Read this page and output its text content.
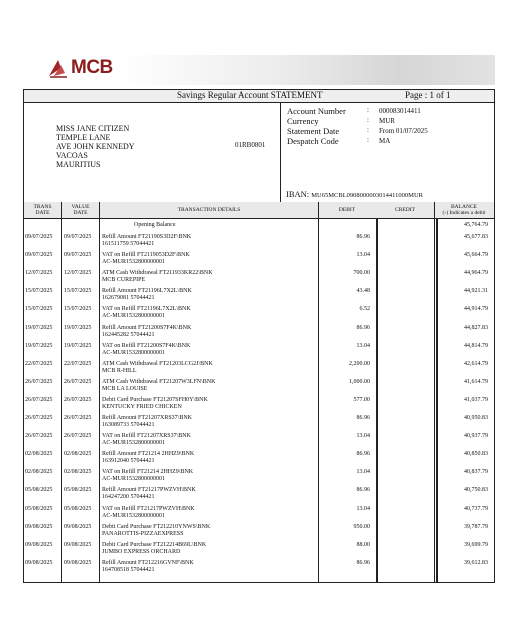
MCB
Savings Regular Account STATEMENT	Page : 1 of 1
MISS JANE CITIZEN
TEMPLE LANE
AVE JOHN KENNEDY
VACOAS
MAURITIUS
01RB0801
Account Number	:	000083014411
Currency	:	MUR
Statement Date	:	From 01/07/2025
Despatch Code	:	MA
IBAN: MU65MCBL0908000003014411000MUR
TRANS
DATE
VALUE
DATE	TRANSACTION DETAILS	DEBIT	CREDIT	BALANCE
(-) Indicates a debit
Opening Balance	45,764.79
09/07/2025	09/07/2025	Refill Amount FT21190S3D2F\BNK
161511759 57044421
86.96	45,677.83
09/07/2025	09/07/2025	VAT on Refill FT2119053D2F\BNK
AC-MUR1532800000001
13.04	45,664.79
12/07/2025	12/07/2025	ATM Cash Withdrawal FT211933KR22\BNK
MCB CUREPIPE
700.00	44,964.79
15/07/2025	15/07/2025	Refill Amount FT21196L7X2L\BNK
162679081 57044421
43.48	44,921.31
15/07/2025	15/07/2025	VAT on Refill FT21196L7X2L\BNK
AC-MUR1532800000001
6.52	44,914.79
19/07/2025	19/07/2025	Refill Amount FT21200S7F4K\BNK
162445282 57044421
86.96	44,827.83
19/07/2025	19/07/2025	VAT on Refill FT21200S7F4K\BNK
AC-MUR1532800000001
13.04	44,814.79
22/07/2025	22/07/2025	ATM Cash Withdrawal FT21203LCG2J\BNK
MCB R-HILL
2,200.00	42,614.79
26/07/2025	26/07/2025	ATM Cash Withdrawal FT21207W3LFN\BNK
MCB LA LOUISE
1,000.00	41,614.79
26/07/2025	26/07/2025	Debit Card Purchase FT21207SFH0Y\BNK
KENTUCKY FRIED CHICKEN
577.00	41,037.79
26/07/2025	26/07/2025	Refill Amount FT21207XRS37\BNK
163089733 57044421
86.96	40,950.83
26/07/2025	26/07/2025	VAT on Refill FT21207XRS37\BNK
AC-MUR1532800000001
13.04	40,937.79
02/08/2025	02/08/2025	Refill Amount FT21214 2HHZ9\BNK
163912040 57044421
86.96	40,850.83
02/08/2025	02/08/2025	VAT on Refill FT21214 2HHZ9\BNK
AC-MUR1532800000001
13.04	40,837.79
05/08/2025	05/08/2025	Refill Amount FT21217PWZVH\BNK
164247200 57044421
86.96	40,750.83
05/08/2025	05/08/2025	VAT on Refill FT21217PWZVH\BNK
AC-MUR1532800000001
13.04	40,737.79
09/08/2025	09/08/2025	Debit Card Purchase FT212210YNWS\BNK
PANAROTTIS-PIZZAEXPRESS
950.00	39,787.79
09/08/2025	09/08/2025	Debit Card Purchase FT212214B69L\BNK
JUMBO EXPRESS ORCHARD
88.00	39,699.79
09/08/2025	09/08/2025	Refill Amount FT212216GVNF\BNK
164708518 57044421
86.96	39,612.83
